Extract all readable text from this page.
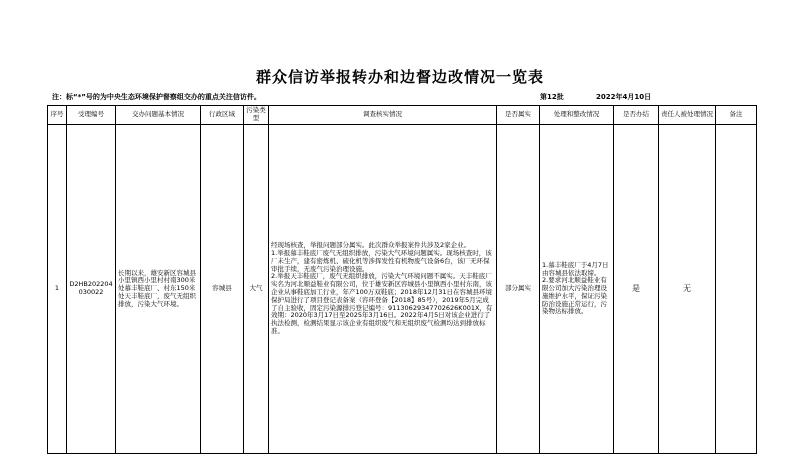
群众信访举报转办和边督边改情况一览表
注：标“*”号的为中央生态环境保护督察组交办的重点关注信访件。	第12批	2022年4月10日
序号	受理编号	交办问题基本情况	行政区域	污染类型	调查核实情况	是否属实	处理和整改情况	是否办结	责任人被处理情况	备注
1	D2HB202204030022	长期以来，雄安新区容城县小里镇西小里村村南300米处慕丰鞋底厂、村东150米处天丰鞋底厂，废气无组织排放，污染大气环境。	容城县	大气	经现场核查，举报问题部分属实。此次群众举报案件共涉及2家企业。
1.举报慕丰鞋底厂废气无组织排放，污染大气环境问题属实。现场核查时，该厂未生产，建有密炼机、硫化机等涉挥发性有机物废气设备6台，该厂无环保审批手续，无废气污染治理设施。
2.举报天丰鞋底厂，废气无组织排放，污染大气环境问题不属实。天丰鞋底厂实名为河北顺益鞋业有限公司，位于雄安新区容城县小里镇西小里村东南，该企业从事鞋底加工行业，年产100万双鞋底；2018年12月31日在容城县环境保护局进行了项目登记表备案（容环登备【2018】85号），2019年5月完成了自主验收，固定污染源排污登记编号：91130629347702626K001X，有效期：2020年3月17日至2025年3月16日。2022年4月5日对该企业进行了执法检测，检测结果显示该企业有组织废气和无组织废气检测均达到排放标准。	部分属实	1.慕丰鞋底厂于4月7日由容城县依法取缔。
2.要求河北顺益鞋业有限公司加大污染治理设施维护水平，保证污染防治设施正常运行，污染物达标排放。	是	无	
